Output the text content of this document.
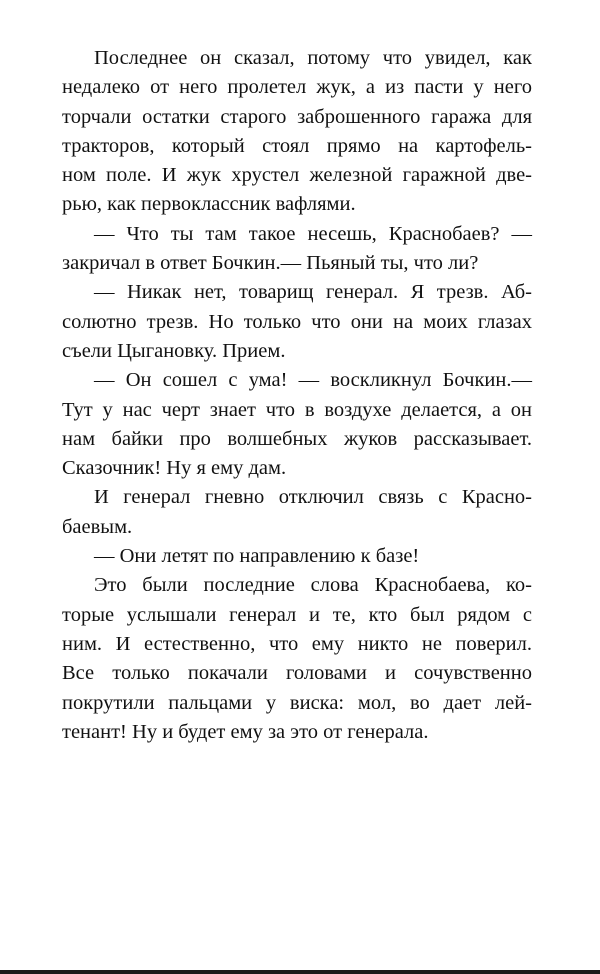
Последнее он сказал, потому что увидел, как
недалеко от него пролетел жук, а из пасти у него
торчали остатки старого заброшенного гаража для
тракторов, который стоял прямо на картофель-
ном поле. И жук хрустел железной гаражной две-
рью, как первоклассник вафлями.
— Что ты там такое несешь, Краснобаев? —
закричал в ответ Бочкин.— Пьяный ты, что ли?
— Никак нет, товарищ генерал. Я трезв. Аб-
солютно трезв. Но только что они на моих глазах
съели Цыгановку. Прием.
— Он сошел с ума! — воскликнул Бочкин.—
Тут у нас черт знает что в воздухе делается, а он
нам байки про волшебных жуков рассказывает.
Сказочник! Ну я ему дам.
И генерал гневно отключил связь с Красно-
баевым.
— Они летят по направлению к базе!
Это были последние слова Краснобаева, ко-
торые услышали генерал и те, кто был рядом с
ним. И естественно, что ему никто не поверил.
Все только покачали головами и сочувственно
покрутили пальцами у виска: мол, во дает лей-
тенант! Ну и будет ему за это от генерала.
